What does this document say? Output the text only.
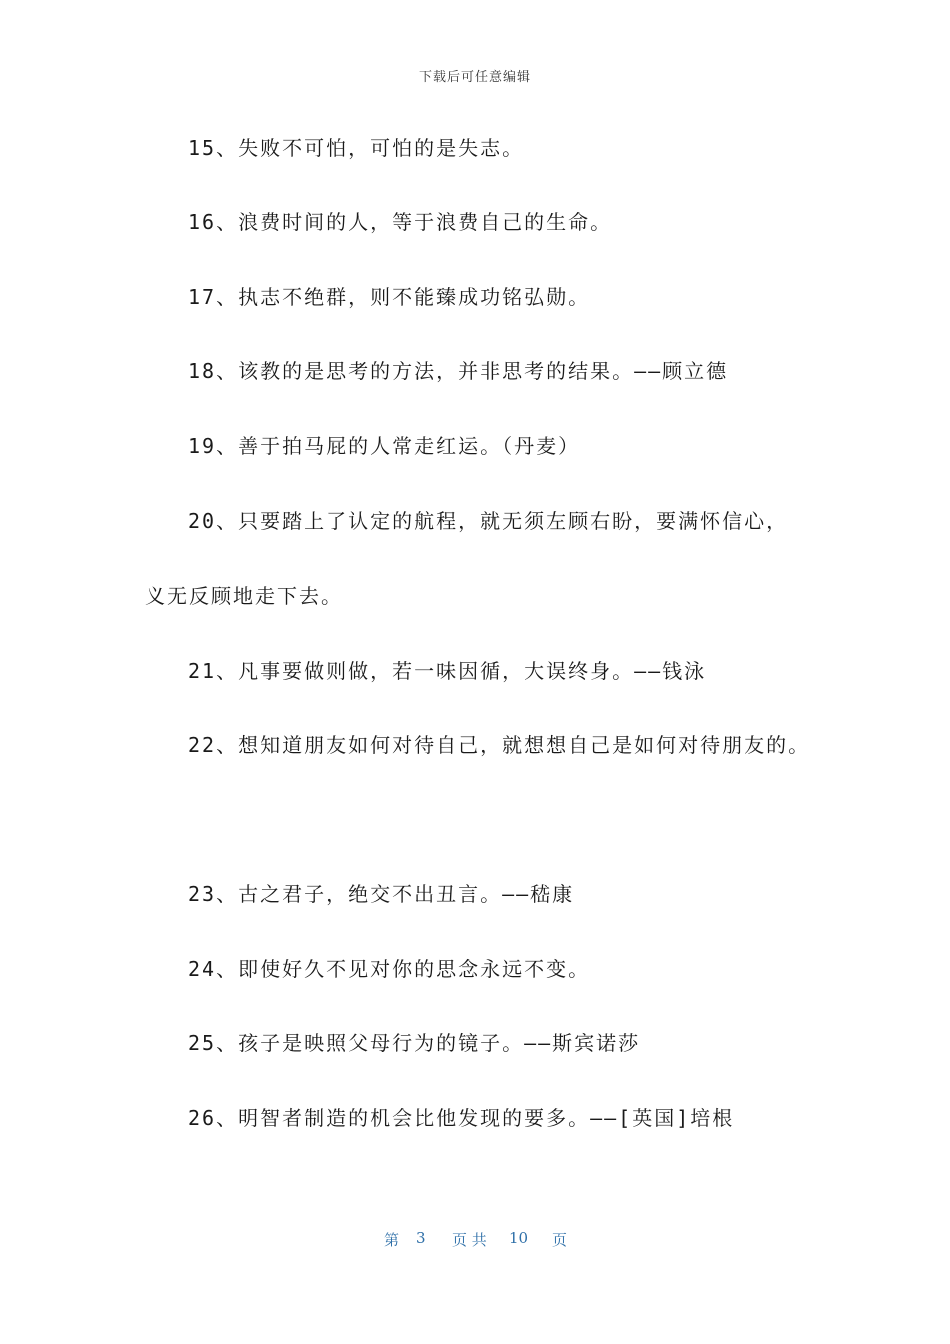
下载后可任意编辑
15、失败不可怕，可怕的是失志。
16、浪费时间的人，等于浪费自己的生命。
17、执志不绝群，则不能臻成功铭弘勋。
18、该教的是思考的方法，并非思考的结果。——顾立德
19、善于拍马屁的人常走红运。（丹麦）
20、只要踏上了认定的航程，就无须左顾右盼，要满怀信心，
义无反顾地走下去。
21、凡事要做则做，若一味因循，大误终身。——钱泳
22、想知道朋友如何对待自己，就想想自己是如何对待朋友的。
23、古之君子，绝交不出丑言。——嵇康
24、即使好久不见对你的思念永远不变。
25、孩子是映照父母行为的镜子。——斯宾诺莎
26、明智者制造的机会比他发现的要多。——[英国]培根
第 3 页 共 10 页
